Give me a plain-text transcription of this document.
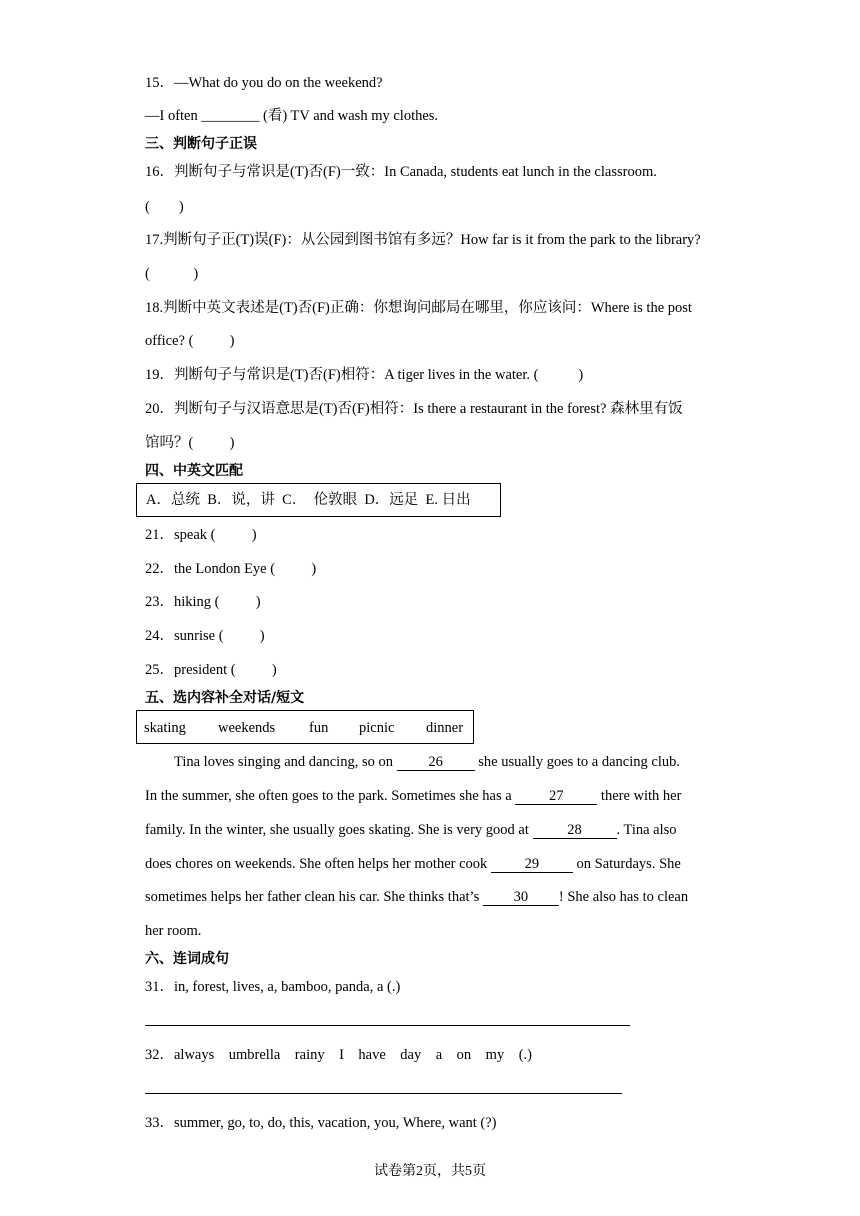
15．—What do you do on the weekend?
—I often ________ (看) TV and wash my clothes.
三、判断句子正误
16．判断句子与常识是(T)否(F)一致：In Canada, students eat lunch in the classroom.
(        )
17.判断句子正(T)误(F)：从公园到图书馆有多远？How far is it from the park to the library?
(            )
18.判断中英文表述是(T)否(F)正确：你想询问邮局在哪里，你应该问：Where is the post
office? (          )
19．判断句子与常识是(T)否(F)相符：A tiger lives in the water. (           )
20．判断句子与汉语意思是(T)否(F)相符：Is there a restaurant in the forest? 森林里有饭
馆吗？(          )
四、中英文匹配
A．总统  B．说，讲  C．  伦敦眼  D．远足  E. 日出
21．speak (          )
22．the London Eye (          )
23．hiking (          )
24．sunrise (          )
25．president (          )
五、选内容补全对话/短文
skating weekends fun picnic dinner
Tina loves singing and dancing, so on 26 she usually goes to a dancing club.
In the summer, she often goes to the park. Sometimes she has a 27 there with her
family. In the winter, she usually goes skating. She is very good at 28 . Tina also
does chores on weekends. She often helps her mother cook 29 on Saturdays. She
sometimes helps her father clean his car. She thinks that’s 30 ! She also has to clean
her room.
六、连词成句
31．in, forest, lives, a, bamboo, panda, a (.)
32．always    umbrella    rainy    I    have    day    a    on    my    (.)
33．summer, go, to, do, this, vacation, you, Where, want (?)
试卷第2页，共5页
